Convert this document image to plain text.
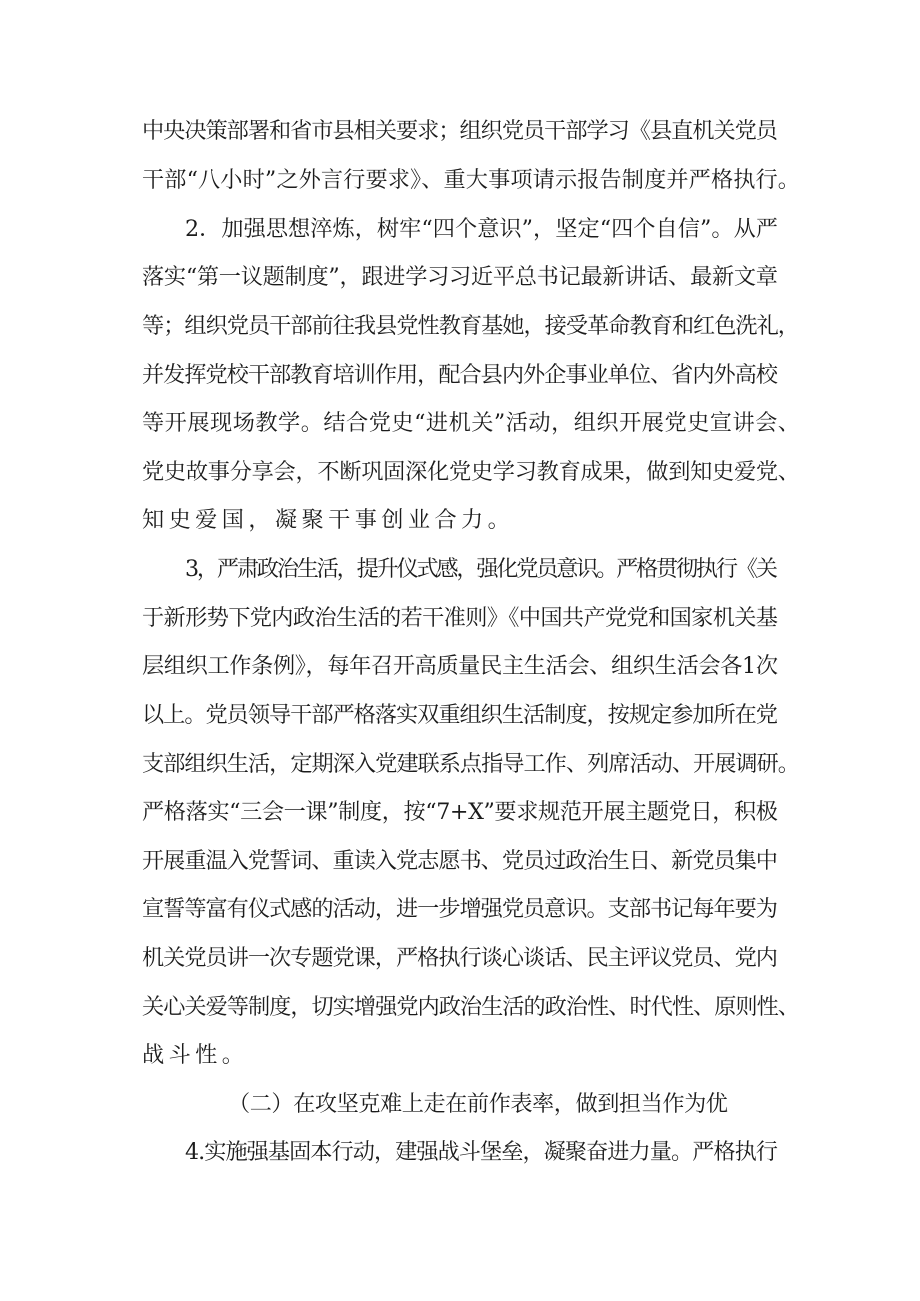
中央决策部署和省市县相关要求；组织党员干部学习《县直机关党员
干部“八小时”之外言行要求》、重大事项请示报告制度并严格执行。
2．加强思想淬炼，树牢“四个意识”，坚定“四个自信”。从严
落实“第一议题制度”，跟进学习习近平总书记最新讲话、最新文章
等；组织党员干部前往我县党性教育基她，接受革命教育和红色洗礼，
并发挥党校干部教育培训作用，配合县内外企事业单位、省内外高校
等开展现场教学。结合党史“进机关”活动，组织开展党史宣讲会、
党史故事分享会，不断巩固深化党史学习教育成果，做到知史爱党、
知史爱国，凝聚干事创业合力。
3，严肃政治生活，提升仪式感，强化党员意识。严格贯彻执行《关
于新形势下党内政治生活的若干准则》《中国共产党党和国家机关基
层组织工作条例》，每年召开高质量民主生活会、组织生活会各1次
以上。党员领导干部严格落实双重组织生活制度，按规定参加所在党
支部组织生活，定期深入党建联系点指导工作、列席活动、开展调研。
严格落实“三会一课”制度，按“7+X”要求规范开展主题党日，积极
开展重温入党誓词、重读入党志愿书、党员过政治生日、新党员集中
宣誓等富有仪式感的活动，进一步增强党员意识。支部书记每年要为
机关党员讲一次专题党课，严格执行谈心谈话、民主评议党员、党内
关心关爱等制度，切实增强党内政治生活的政治性、时代性、原则性、
战斗性。
（二）在攻坚克难上走在前作表率，做到担当作为优
4.实施强基固本行动，建强战斗堡垒，凝聚奋进力量。严格执行
